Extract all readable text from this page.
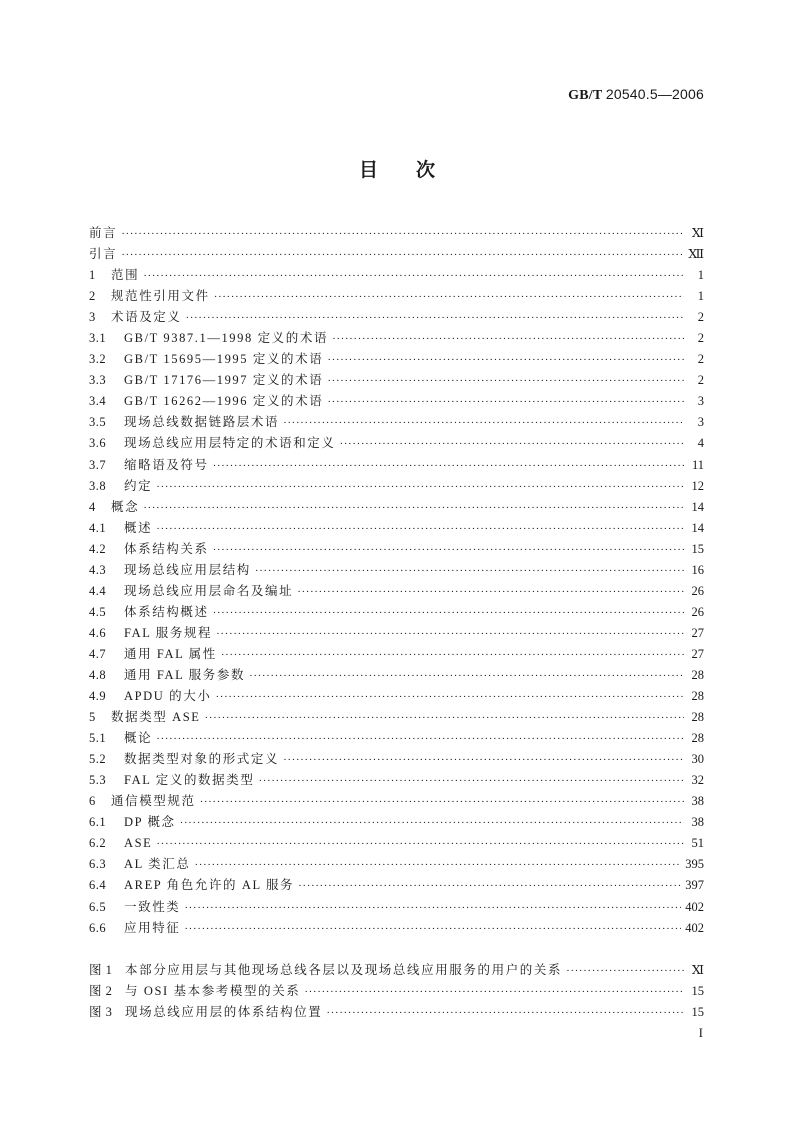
GB/T 20540.5—2006
目 次
前言 ·····	Ⅺ
引言 ·····	Ⅻ
1	范围 ·····	1
2	规范性引用文件 ·····	1
3	术语及定义 ·····	2
3.1	GB/T 9387.1—1998 定义的术语 ·····	2
3.2	GB/T 15695—1995 定义的术语 ·····	2
3.3	GB/T 17176—1997 定义的术语 ·····	2
3.4	GB/T 16262—1996 定义的术语 ·····	3
3.5	现场总线数据链路层术语 ·····	3
3.6	现场总线应用层特定的术语和定义 ·····	4
3.7	缩略语及符号 ·····	11
3.8	约定 ·····	12
4	概念 ·····	14
4.1	概述 ·····	14
4.2	体系结构关系 ·····	15
4.3	现场总线应用层结构 ·····	16
4.4	现场总线应用层命名及编址 ·····	26
4.5	体系结构概述 ·····	26
4.6	FAL 服务规程 ·····	27
4.7	通用 FAL 属性 ·····	27
4.8	通用 FAL 服务参数 ·····	28
4.9	APDU 的大小 ·····	28
5	数据类型 ASE ·····	28
5.1	概论 ·····	28
5.2	数据类型对象的形式定义 ·····	30
5.3	FAL 定义的数据类型 ·····	32
6	通信模型规范 ·····	38
6.1	DP 概念 ·····	38
6.2	ASE ·····	51
6.3	AL 类汇总 ·····	395
6.4	AREP 角色允许的 AL 服务 ·····	397
6.5	一致性类 ·····	402
6.6	应用特征 ·····	402
图 1	本部分应用层与其他现场总线各层以及现场总线应用服务的用户的关系 ·····	Ⅺ
图 2	与 OSI 基本参考模型的关系 ·····	15
图 3	现场总线应用层的体系结构位置 ·····	15
I
